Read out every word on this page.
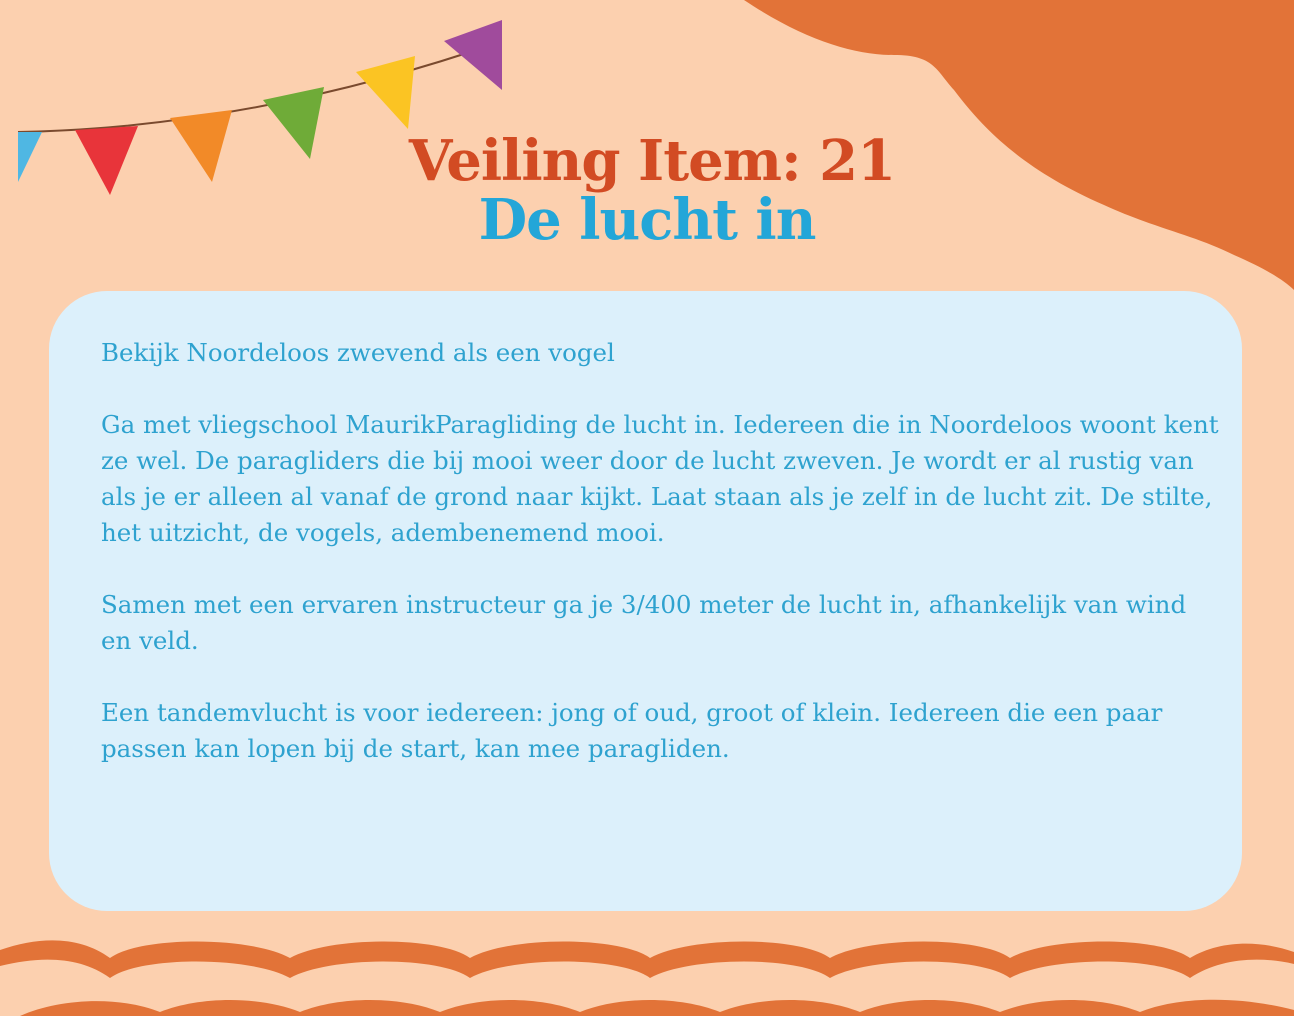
Veiling Item: 21
De lucht in

Bekijk Noordeloos zwevend als een vogel

Ga met vliegschool MaurikParagliding de lucht in. Iedereen die in Noordeloos woont kent ze wel. De paragliders die bij mooi weer door de lucht zweven. Je wordt er al rustig van als je er alleen al vanaf de grond naar kijkt. Laat staan als je zelf in de lucht zit. De stilte, het uitzicht, de vogels, adembenemend mooi.

Samen met een ervaren instructeur ga je 3/400 meter de lucht in, afhankelijk van wind en veld.

Een tandemvlucht is voor iedereen: jong of oud, groot of klein. Iedereen die een paar passen kan lopen bij de start, kan mee paragliden.
